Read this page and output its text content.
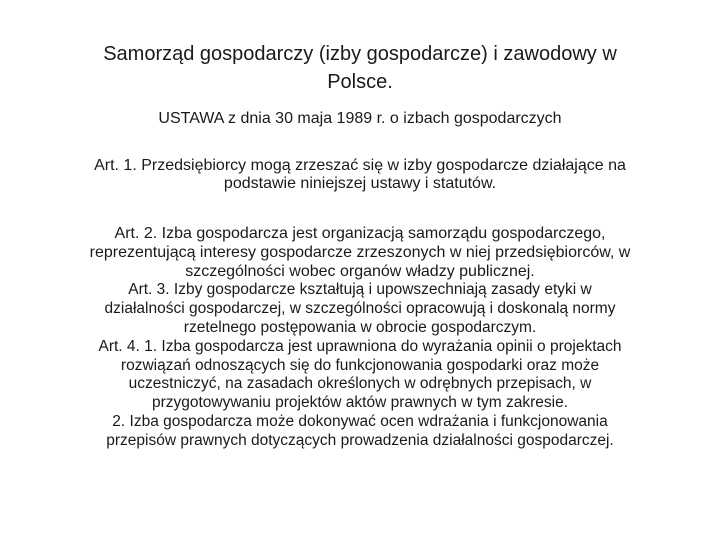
Samorząd gospodarczy (izby gospodarcze) i zawodowy w
Polsce.
USTAWA z dnia 30 maja 1989 r. o izbach gospodarczych
Art. 1. Przedsiębiorcy mogą zrzeszać się w izby gospodarcze działające na
podstawie niniejszej ustawy i statutów.

Art. 2. Izba gospodarcza jest organizacją samorządu gospodarczego,
reprezentującą interesy gospodarcze zrzeszonych w niej przedsiębiorców, w
szczególności wobec organów władzy publicznej.

Art. 3. Izby gospodarcze kształtują i upowszechniają zasady etyki w
działalności gospodarczej, w szczególności opracowują i doskonalą normy
rzetelnego postępowania w obrocie gospodarczym.

Art. 4. 1. Izba gospodarcza jest uprawniona do wyrażania opinii o projektach
rozwiązań odnoszących się do funkcjonowania gospodarki oraz może
uczestniczyć, na zasadach określonych w odrębnych przepisach, w
przygotowywaniu projektów aktów prawnych w tym zakresie.

2. Izba gospodarcza może dokonywać ocen wdrażania i funkcjonowania
przepisów prawnych dotyczących prowadzenia działalności gospodarczej.
